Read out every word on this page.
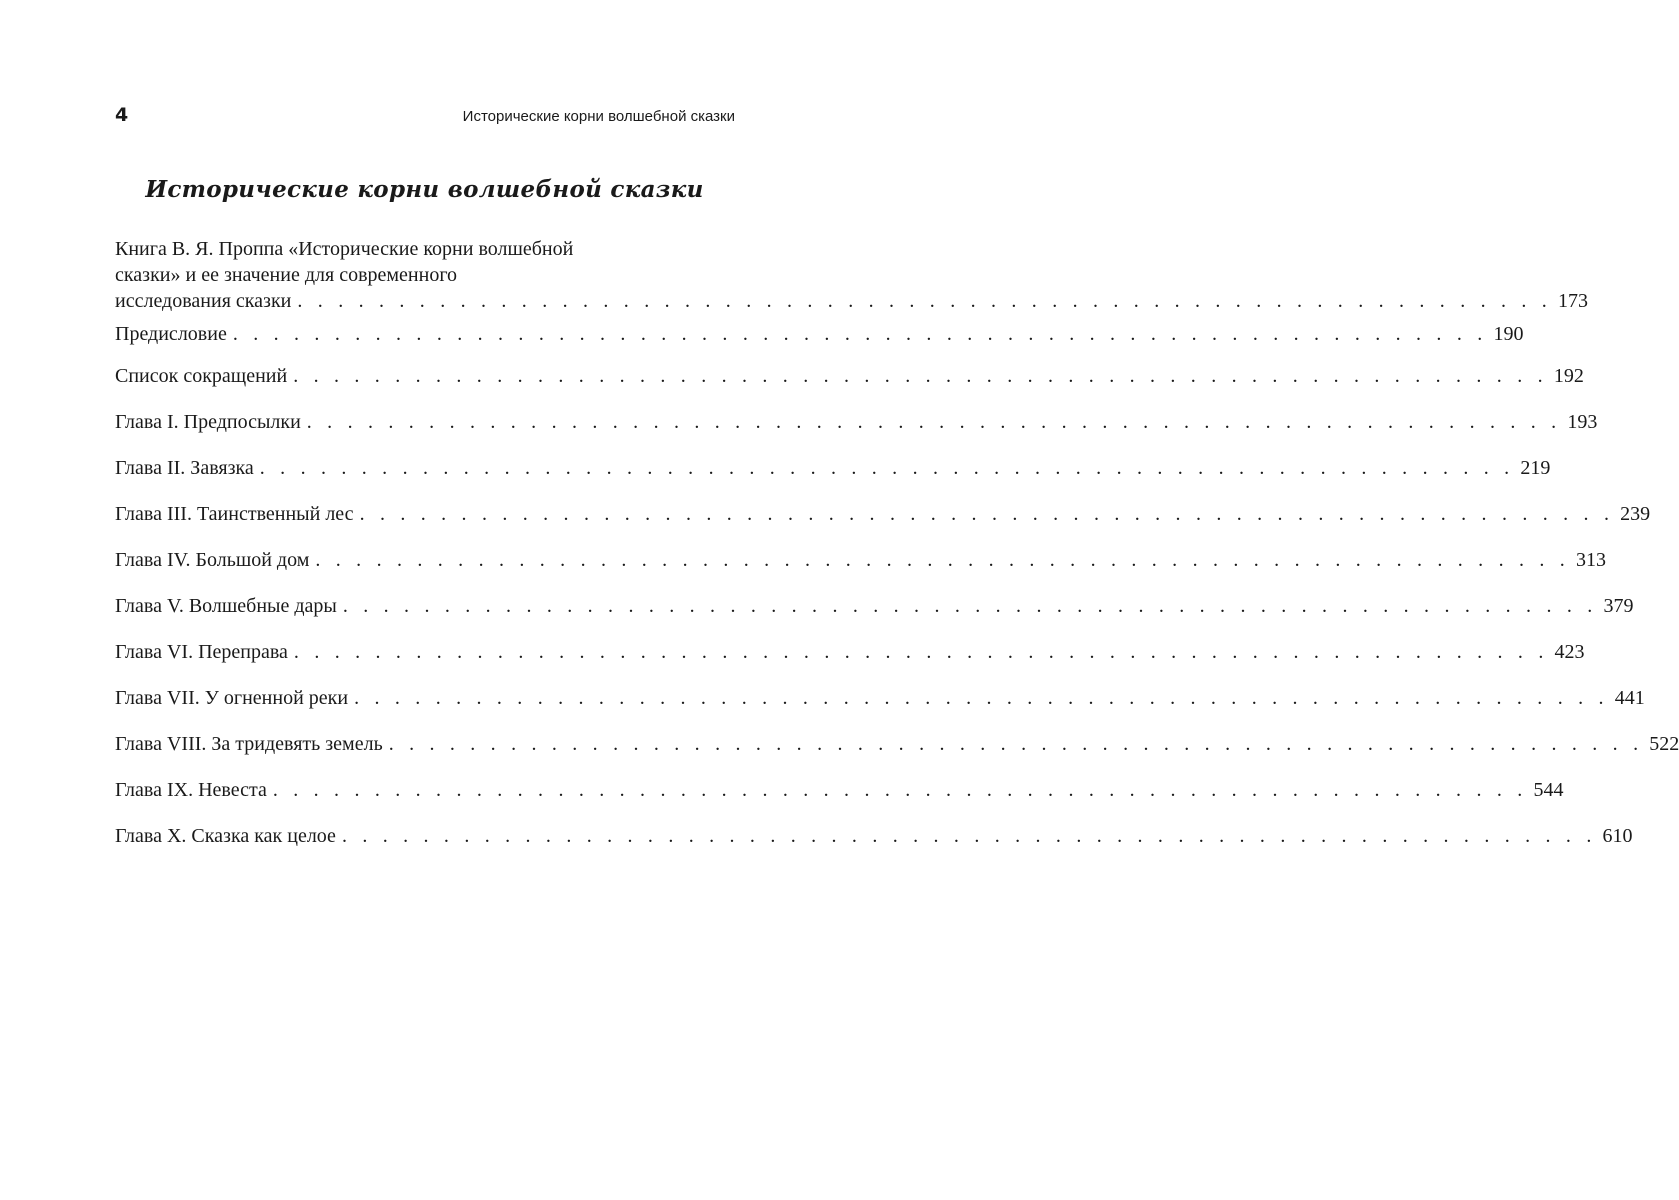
4	Исторические корни волшебной сказки
Исторические корни волшебной сказки
Книга В. Я. Проппа «Исторические корни волшебной
сказки» и ее значение для современного
исследования сказки . . . . . . . . . . . . . . . . . . . . . . . . . . . . . . . . . . . . . . . . . . . . . . . . . . . . . . . . . . . . . . 173
Предисловие . . . . . . . . . . . . . . . . . . . . . . . . . . . . . . . . . . . . . . . . . . . . . . . . . . . . . . . . . . . . . . 190
Список сокращений . . . . . . . . . . . . . . . . . . . . . . . . . . . . . . . . . . . . . . . . . . . . . . . . . . . . . . . . . . . . . . 192
Глава I. Предпосылки . . . . . . . . . . . . . . . . . . . . . . . . . . . . . . . . . . . . . . . . . . . . . . . . . . . . . . . . . . . . . . 193
Глава II. Завязка . . . . . . . . . . . . . . . . . . . . . . . . . . . . . . . . . . . . . . . . . . . . . . . . . . . . . . . . . . . . . . 219
Глава III. Таинственный лес . . . . . . . . . . . . . . . . . . . . . . . . . . . . . . . . . . . . . . . . . . . . . . . . . . . . . . . . . . . . . . 239
Глава IV. Большой дом . . . . . . . . . . . . . . . . . . . . . . . . . . . . . . . . . . . . . . . . . . . . . . . . . . . . . . . . . . . . . . 313
Глава V. Волшебные дары . . . . . . . . . . . . . . . . . . . . . . . . . . . . . . . . . . . . . . . . . . . . . . . . . . . . . . . . . . . . . . 379
Глава VI. Переправа . . . . . . . . . . . . . . . . . . . . . . . . . . . . . . . . . . . . . . . . . . . . . . . . . . . . . . . . . . . . . . 423
Глава VII. У огненной реки . . . . . . . . . . . . . . . . . . . . . . . . . . . . . . . . . . . . . . . . . . . . . . . . . . . . . . . . . . . . . . 441
Глава VIII. За тридевять земель . . . . . . . . . . . . . . . . . . . . . . . . . . . . . . . . . . . . . . . . . . . . . . . . . . . . . . . . . . . . . . 522
Глава IX. Невеста . . . . . . . . . . . . . . . . . . . . . . . . . . . . . . . . . . . . . . . . . . . . . . . . . . . . . . . . . . . . . . 544
Глава X. Сказка как целое . . . . . . . . . . . . . . . . . . . . . . . . . . . . . . . . . . . . . . . . . . . . . . . . . . . . . . . . . . . . . . 610
